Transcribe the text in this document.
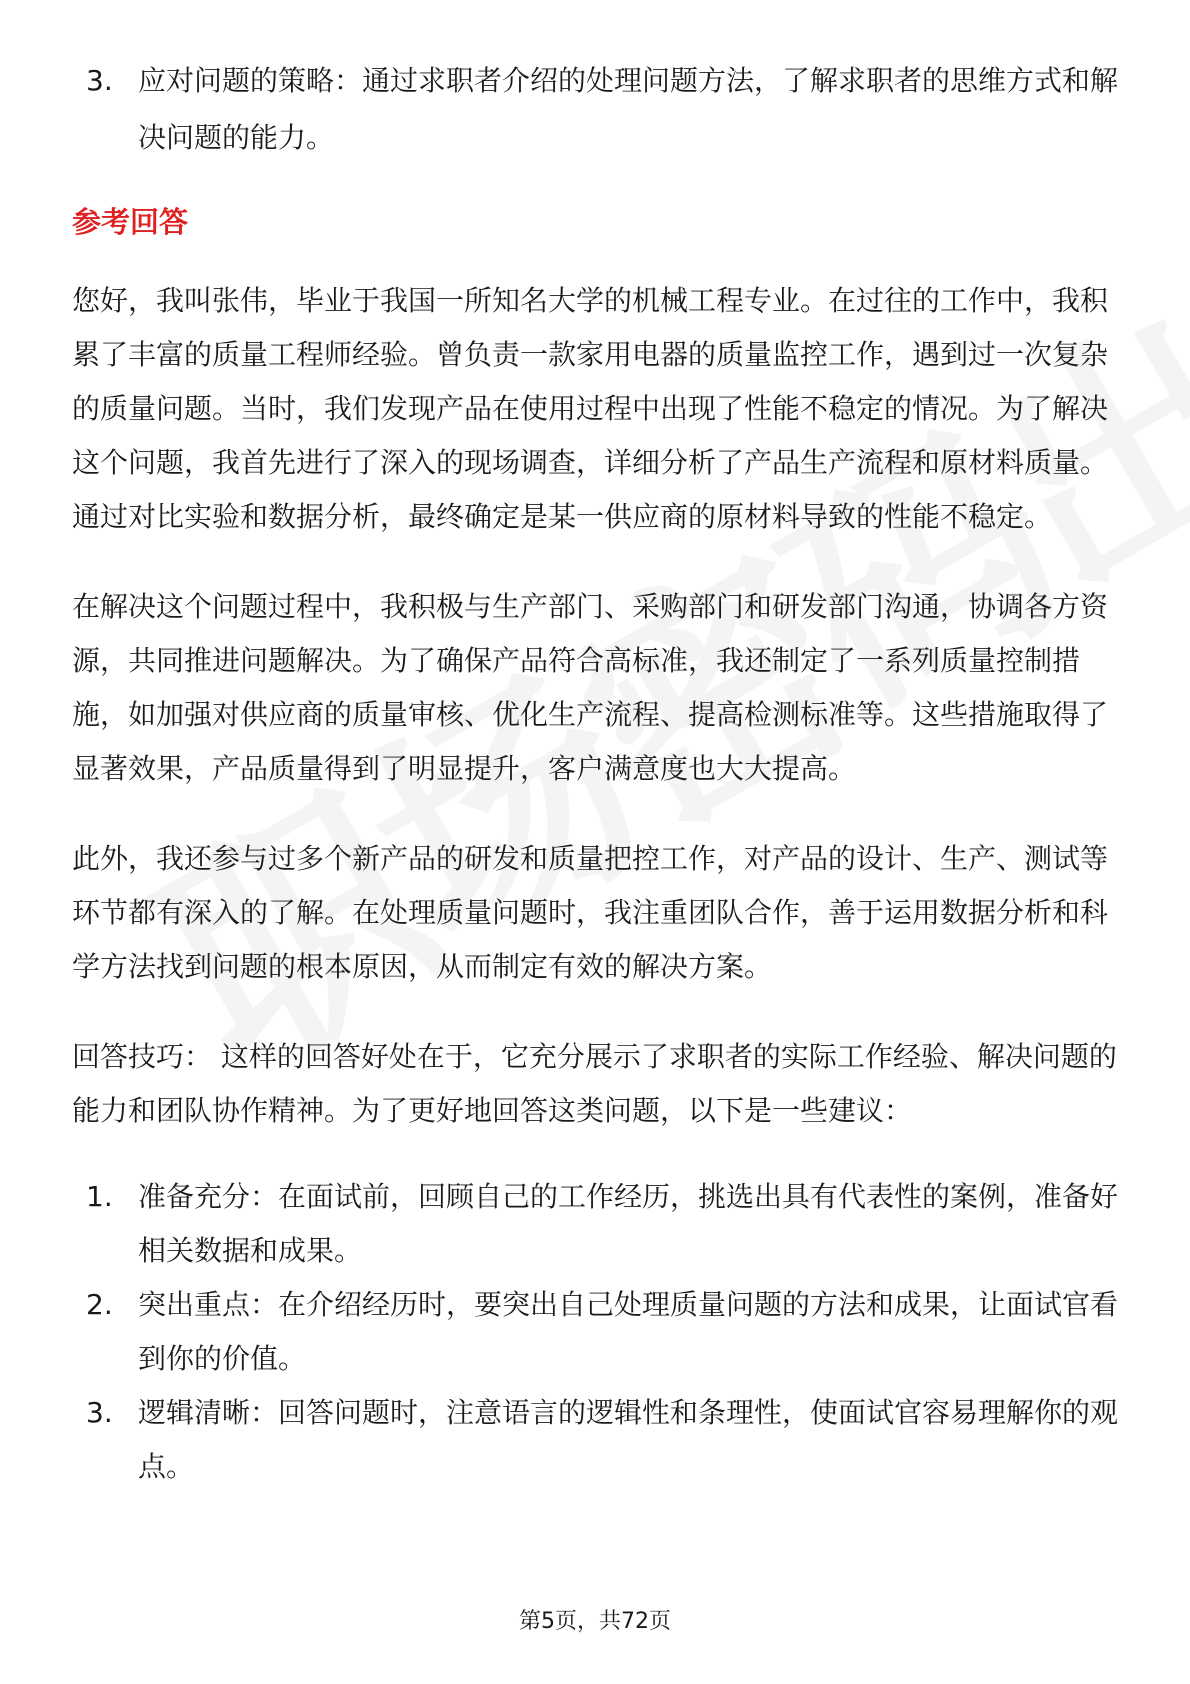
3. 应对问题的策略：通过求职者介绍的处理问题方法，了解求职者的思维方式和解决问题的能力。
参考回答

您好，我叫张伟，毕业于我国一所知名大学的机械工程专业。在过往的工作中，我积累了丰富的质量工程师经验。曾负责一款家用电器的质量监控工作，遇到过一次复杂的质量问题。当时，我们发现产品在使用过程中出现了性能不稳定的情况。为了解决这个问题，我首先进行了深入的现场调查，详细分析了产品生产流程和原材料质量。通过对比实验和数据分析，最终确定是某一供应商的原材料导致的性能不稳定。

在解决这个问题过程中，我积极与生产部门、采购部门和研发部门沟通，协调各方资源，共同推进问题解决。为了确保产品符合高标准，我还制定了一系列质量控制措施，如加强对供应商的质量审核、优化生产流程、提高检测标准等。这些措施取得了显著效果，产品质量得到了明显提升，客户满意度也大大提高。

此外，我还参与过多个新产品的研发和质量把控工作，对产品的设计、生产、测试等环节都有深入的了解。在处理质量问题时，我注重团队合作，善于运用数据分析和科学方法找到问题的根本原因，从而制定有效的解决方案。

回答技巧： 这样的回答好处在于，它充分展示了求职者的实际工作经验、解决问题的能力和团队协作精神。为了更好地回答这类问题，以下是一些建议：

1. 准备充分：在面试前，回顾自己的工作经历，挑选出具有代表性的案例，准备好相关数据和成果。
2. 突出重点：在介绍经历时，要突出自己处理质量问题的方法和成果，让面试官看到你的价值。
3. 逻辑清晰：回答问题时，注意语言的逻辑性和条理性，使面试官容易理解你的观点。
第5页，共72页
